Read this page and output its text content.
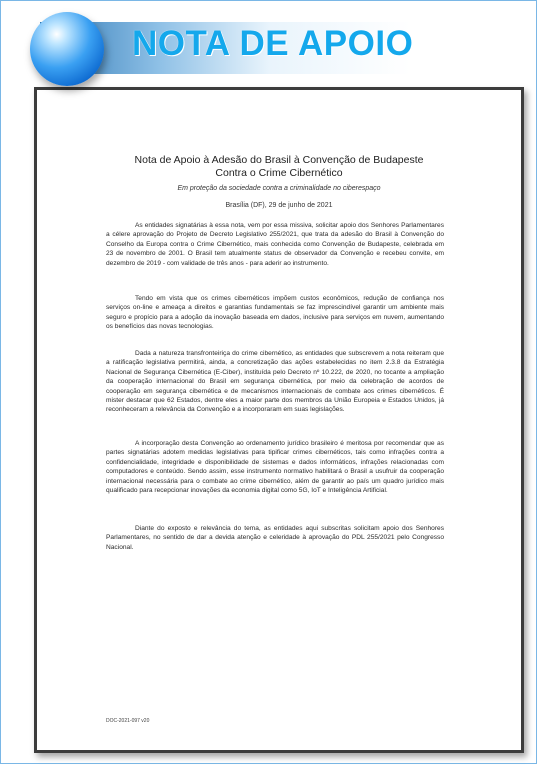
NOTA DE APOIO
Nota de Apoio à Adesão do Brasil à Convenção de Budapeste
Contra o Crime Cibernético
Em proteção da sociedade contra a criminalidade no ciberespaço
Brasília (DF), 29 de junho de 2021

As entidades signatárias à essa nota, vem por essa missiva, solicitar apoio dos Senhores Parlamentares a célere aprovação do Projeto de Decreto Legislativo 255/2021, que trata da adesão do Brasil à Convenção do Conselho da Europa contra o Crime Cibernético, mais conhecida como Convenção de Budapeste, celebrada em 23 de novembro de 2001. O Brasil tem atualmente status de observador da Convenção e recebeu convite, em dezembro de 2019 - com validade de três anos - para aderir ao instrumento.

Tendo em vista que os crimes cibernéticos impõem custos econômicos, redução de confiança nos serviços on-line e ameaça a direitos e garantias fundamentais se faz imprescindível garantir um ambiente mais seguro e propício para a adoção da inovação baseada em dados, inclusive para serviços em nuvem, aumentando os benefícios das novas tecnologias.

Dada a natureza transfronteiriça do crime cibernético, as entidades que subscrevem a nota reiteram que a ratificação legislativa permitirá, ainda, a concretização das ações estabelecidas no item 2.3.8 da Estratégia Nacional de Segurança Cibernética (E-Ciber), instituída pelo Decreto nº 10.222, de 2020, no tocante a ampliação da cooperação internacional do Brasil em segurança cibernética, por meio da celebração de acordos de cooperação em segurança cibernética e de mecanismos internacionais de combate aos crimes cibernéticos. É mister destacar que 62 Estados, dentre eles a maior parte dos membros da União Europeia e Estados Unidos, já reconheceram a relevância da Convenção e a incorporaram em suas legislações.

A incorporação desta Convenção ao ordenamento jurídico brasileiro é meritosa por recomendar que as partes signatárias adotem medidas legislativas para tipificar crimes cibernéticos, tais como infrações contra a confidencialidade, integridade e disponibilidade de sistemas e dados informáticos, infrações relacionadas com computadores e conteúdo. Sendo assim, esse instrumento normativo habilitará o Brasil a usufruir da cooperação internacional necessária para o combate ao crime cibernético, além de garantir ao país um quadro jurídico mais qualificado para recepcionar inovações da economia digital como 5G, IoT e Inteligência Artificial.

Diante do exposto e relevância do tema, as entidades aqui subscritas solicitam apoio dos Senhores Parlamentares, no sentido de dar a devida atenção e celeridade à aprovação do PDL 255/2021 pelo Congresso Nacional.

DOC-2021-097 v20
